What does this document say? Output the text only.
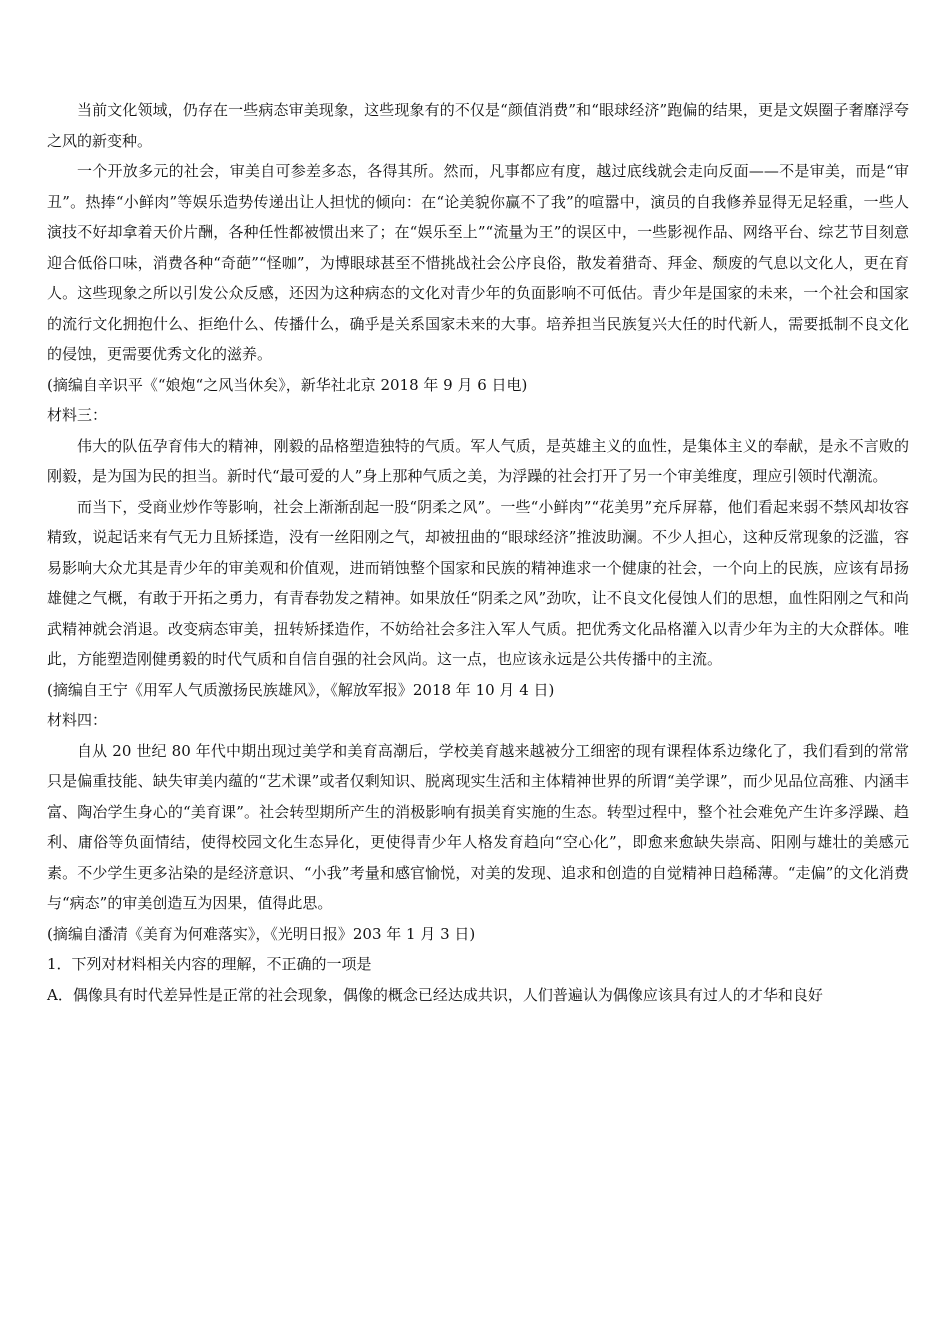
当前文化领域，仍存在一些病态审美现象，这些现象有的不仅是“颜值消费”和“眼球经济”跑偏的结果，更是文娱圈子奢靡浮夸之风的新变种。

一个开放多元的社会，审美自可参差多态，各得其所。然而，凡事都应有度，越过底线就会走向反面——不是审美，而是“审丑”。热捧“小鲜肉”等娱乐造势传递出让人担忧的倾向：在“论美貌你赢不了我”的喧嚣中，演员的自我修养显得无足轻重，一些人演技不好却拿着天价片酬，各种任性都被惯出来了；在“娱乐至上”“流量为王”的误区中，一些影视作品、网络平台、综艺节目刻意迎合低俗口味，消费各种“奇葩”“怪咖”，为博眼球甚至不惜挑战社会公序良俗，散发着猎奇、拜金、颓废的气息以文化人，更在育人。这些现象之所以引发公众反感，还因为这种病态的文化对青少年的负面影响不可低估。青少年是国家的未来，一个社会和国家的流行文化拥抱什么、拒绝什么、传播什么，确乎是关系国家未来的大事。培养担当民族复兴大任的时代新人，需要抵制不良文化的侵蚀，更需要优秀文化的滋养。

(摘编自辛识平《“娘炮“之风当休矣》，新华社北京 2018 年 9 月 6 日电)

材料三：

伟大的队伍孕育伟大的精神，刚毅的品格塑造独特的气质。军人气质，是英雄主义的血性，是集体主义的奉献，是永不言败的刚毅，是为国为民的担当。新时代“最可爱的人”身上那种气质之美，为浮躁的社会打开了另一个审美维度，理应引领时代潮流。

而当下，受商业炒作等影响，社会上渐渐刮起一股“阴柔之风”。一些“小鲜肉”“花美男”充斥屏幕，他们看起来弱不禁风却妆容精致，说起话来有气无力且矫揉造，没有一丝阳刚之气，却被扭曲的“眼球经济”推波助澜。不少人担心，这种反常现象的泛滥，容易影响大众尤其是青少年的审美观和价值观，进而销蚀整个国家和民族的精神進求一个健康的社会，一个向上的民族，应该有昂扬雄健之气概，有敢于开拓之勇力，有青春勃发之精神。如果放任“阴柔之风”劲吹，让不良文化侵蚀人们的思想，血性阳刚之气和尚武精神就会消退。改变病态审美，扭转矫揉造作，不妨给社会多注入军人气质。把优秀文化品格灌入以青少年为主的大众群体。唯此，方能塑造刚健勇毅的时代气质和自信自强的社会风尚。这一点，也应该永远是公共传播中的主流。

(摘编自王宁《用军人气质激扬民族雄风》，《解放军报》2018 年 10 月 4 日)

材料四：

自从 20 世纪 80 年代中期出现过美学和美育高潮后，学校美育越来越被分工细密的现有课程体系边缘化了，我们看到的常常只是偏重技能、缺失审美内蕴的“艺术课”或者仅剩知识、脱离现实生活和主体精神世界的所谓“美学课”，而少见品位高雅、内涵丰富、陶冶学生身心的“美育课”。社会转型期所产生的消极影响有损美育实施的生态。转型过程中，整个社会难免产生许多浮躁、趋利、庸俗等负面情结，使得校园文化生态异化，更使得青少年人格发育趋向“空心化”，即愈来愈缺失崇高、阳刚与雄壮的美感元素。不少学生更多沾染的是经济意识、“小我”考量和感官愉悦，对美的发现、追求和创造的自觉精神日趋稀薄。“走偏”的文化消费与“病态”的审美创造互为因果，值得此思。

(摘编自潘清《美育为何难落实》，《光明日报》203 年 1 月 3 日)

1．下列对材料相关内容的理解，不正确的一项是

A．偶像具有时代差异性是正常的社会现象，偶像的概念已经达成共识，人们普遍认为偶像应该具有过人的才华和良好
